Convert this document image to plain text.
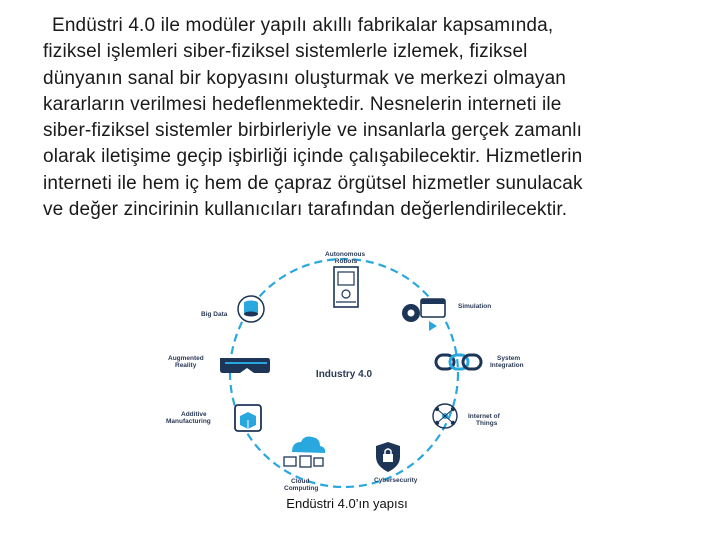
Endüstri 4.0 ile modüler yapılı akıllı fabrikalar kapsamında,
fiziksel işlemleri siber-fiziksel sistemlerle izlemek, fiziksel
dünyanın sanal bir kopyasını oluşturmak ve merkezi olmayan
kararların verilmesi hedeflenmektedir. Nesnelerin interneti ile
siber-fiziksel sistemler birbirleriyle ve insanlarla gerçek zamanlı
olarak iletişime geçip işbirliği içinde çalışabilecektir. Hizmetlerin
interneti ile hem iç hem de çapraz örgütsel hizmetler sunulacak
ve değer zincirinin kullanıcıları tarafından değerlendirilecektir.
Industry 4.0
Autonomous Robots
Simulation
System Integration
Internet of Things
Cybersecurity
Cloud Computing
Additive Manufacturing
Augmented Reality
Big Data
Endüstri 4.0’ın yapısı
